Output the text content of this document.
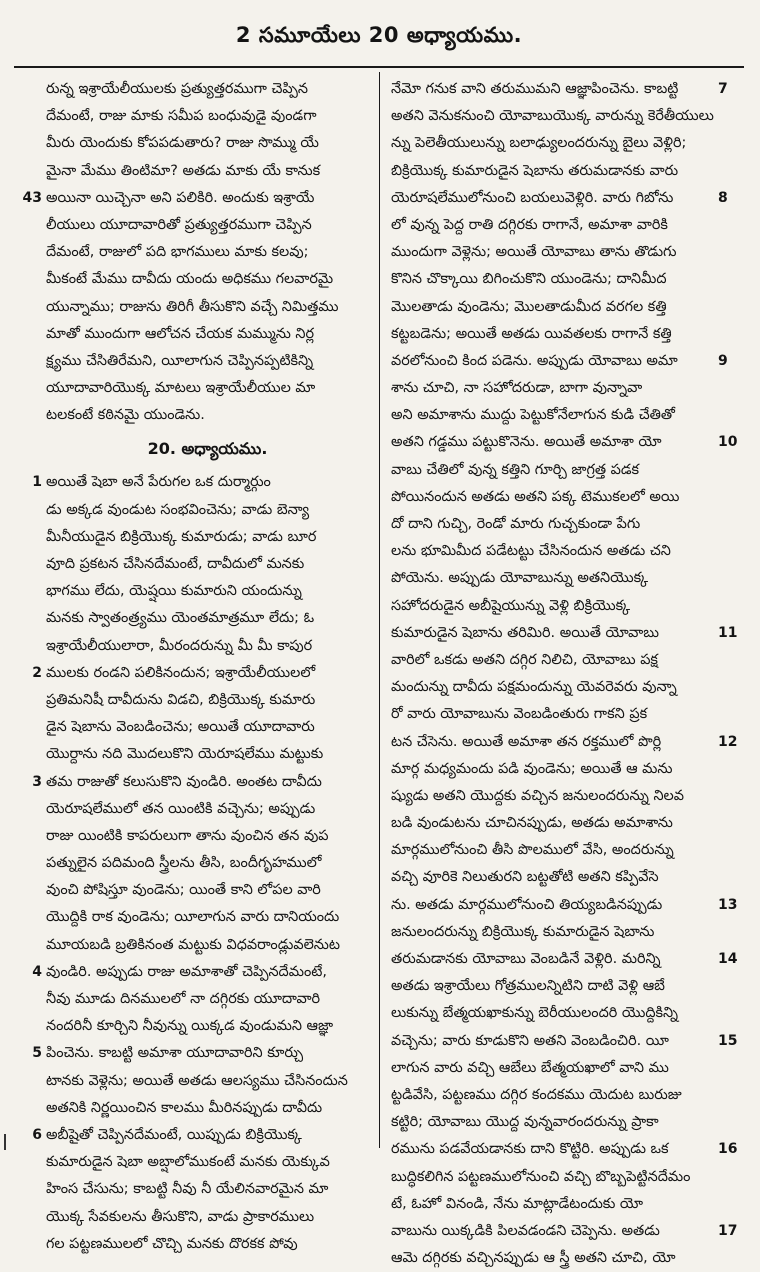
2 సమూయేలు 20 అధ్యాయము.
రున్న ఇశ్రాయేలీయులకు ప్రత్యుత్తరముగా చెప్పిన
దేమంటే, రాజు మాకు సమీప బంధువుడై వుండగా
మీరు యెందుకు కోపపడుతారు? రాజు సొమ్ము యే
మైనా మేము తింటిమా? అతడు మాకు యే కానుక
43 అయినా యిచ్చెనా అని పలికిరి. అందుకు ఇశ్రాయే
లీయులు యూదావారితో ప్రత్యుత్తరముగా చెప్పిన
దేమంటే, రాజులో పది భాగములు మాకు కలవు;
మీకంటే మేము దావీదు యందు అధికము గలవారమై
యున్నాము; రాజును తిరిగీ తీసుకొని వచ్చే నిమిత్తము
మాతో ముందుగా ఆలోచన చేయక మమ్మును నిర్ల
క్ష్యము చేసితిరేమని, యీలాగున చెప్పినప్పటికిన్ని
యూదావారియొక్క మాటలు ఇశ్రాయేలీయుల మా
టలకంటే కఠినమై యుండెను.
20. అధ్యాయము.
1 అయితే షెబా అనే పేరుగల ఒక దుర్మార్గుం
డు అక్కడ వుండుట సంభవించెను; వాడు బెన్యా
మీనీయుడైన బిక్రియొక్క కుమారుడు; వాడు బూర
వూది ప్రకటన చేసినదేమంటే, దావీదులో మనకు
భాగము లేదు, యెష్షయి కుమారుని యందున్ను
మనకు స్వాతంత్ర్యము యెంతమాత్రమూ లేదు; ఓ
ఇశ్రాయేలీయులారా, మీరందరున్ను మీ మీ కాపుర
2 ములకు రండని పలికినందున; ఇశ్రాయేలీయులలో
ప్రతిమనిషీ దావీదును విడచి, బిక్రియొక్క కుమారు
డైన షెబాను వెంబడించెను; అయితే యూదావారు
యొర్దాను నది మొదలుకొని యెరూషలేము మట్టుకు
3 తమ రాజుతో కలుసుకొని వుండిరి. అంతట దావీదు
యెరూషలేములో తన యింటికి వచ్చెను; అప్పుడు
రాజు యింటికి కాపరులుగా తాను వుంచిన తన వుప
పత్నులైన పదిమంది స్త్రీలను తీసి, బందీగృహములో
వుంచి పోషిస్తూ వుండెను; యింతే కాని లోపల వారి
యొద్దికి రాక వుండెను; యీలాగున వారు దానియందు
మూయబడి బ్రతికినంత మట్టుకు విధవరాండ్లువలెనుట
4 వుండిరి. అప్పుడు రాజు అమాశాతో చెప్పినదేమంటే,
నీవు మూడు దినములలో నా దగ్గిరకు యూదావారి
నందరినీ కూర్చిని నీవున్ను యిక్కడ వుండుమని ఆజ్ఞా
5 పించెను. కాబట్టి అమాశా యూదావారిని కూర్చు
టానకు వెళ్లెను; అయితే అతడు ఆలస్యము చేసినందున
అతనికి నిర్ణయించిన కాలము మీరినప్పుడు దావీదు
6 అబీషైతో చెప్పినదేమంటే, యిప్పుడు బిక్రియొక్క
కుమారుడైన షెబా అబ్షాలోముకంటే మనకు యెక్కువ
హింస చేసును; కాబట్టి నీవు నీ యేలినవారమైన మా
యొక్క సేవకులను తీసుకొని, వాడు ప్రాకారములు
గల పట్టణములలో చొచ్చి మనకు దొరకక పోవు
7
నేమో గనుక వాని తరుముమని ఆజ్ఞాపించెను. కాబట్టి
అతని వెనుకనుంచి యోవాబుయొక్క వారున్ను కెరేతీయులు
న్ను పెలెతీయులున్ను బలాఢ్యులందరున్ను బైలు వెళ్లిరి;
బిక్రియొక్క కుమారుడైన షెబాను తరుమడానకు వారు
8
యెరూషలేములోనుంచి బయలువెళ్లిరి. వారు గిబోను
లో వున్న పెద్ద రాతి దగ్గిరకు రాగానే, అమాశా వారికి
ముందుగా వెళ్లెను; అయితే యోవాబు తాను తొడుగు
కొనిన చొక్కాయి బిగించుకొని యుండెను; దానిమీద
మొలతాడు వుండెను; మొలతాడుమీద వరగల కత్తి
కట్టబడెను; అయితే అతడు యివతలకు రాగానే కత్తి
9
వరలోనుంచి కింద పడెను. అప్పుడు యోవాబు అమా
శాను చూచి, నా సహోదరుడా, బాగా వున్నావా
అని అమాశాను ముద్దు పెట్టుకోనేలాగున కుడి చేతితో
10
అతని గడ్డము పట్టుకొనెను. అయితే అమాశా యో
వాబు చేతిలో వున్న కత్తిని గూర్చి జాగ్రత్త పడక
పోయినందున అతడు అతని పక్క టెముకలలో అయి
దో దాని గుచ్చి, రెండో మారు గుచ్చకుండా పేగు
లను భూమిమీద పడేటట్టు చేసినందున అతడు చని
పోయెను. అప్పుడు యోవాబున్ను అతనియొక్క
సహోదరుడైన అబీషైయున్ను వెళ్లి బిక్రియొక్క
11
కుమారుడైన షెబాను తరిమిరి. అయితే యోవాబు
వారిలో ఒకడు అతని దగ్గిర నిలిచి, యోవాబు పక్ష
మందున్ను దావీదు పక్షమందున్ను యెవరెవరు వున్నా
రో వారు యోవాబును వెంబడింతురు గాకని ప్రక
12
టన చేసెను. అయితే అమాశా తన రక్తములో పొర్లి
మార్గ మధ్యమందు పడి వుండెను; అయితే ఆ మను
ష్యుడు అతని యొద్దకు వచ్చిన జనులందరున్ను నిలవ
బడి వుండుటను చూచినప్పుడు, అతడు అమాశాను
మార్గములోనుంచి తీసి పొలములో వేసి, అందరున్ను
వచ్చి వూరికె నిలుతురని బట్టతోటి అతని కప్పివేసె
13
ను. అతడు మార్గములోనుంచి తియ్యబడినప్పుడు
జనులందరున్ను బిక్రియొక్క కుమారుడైన షెబాను
14
తరుమడానకు యోవాబు వెంబడినే వెళ్లిరి. మరిన్ని
అతడు ఇశ్రాయేలు గోత్రములన్నిటిని దాటి వెళ్లి ఆబే
లుకున్ను బేత్మయఖాకున్ను బెరీయులందరి యొద్దికిన్ని
15
వచ్చెను; వారు కూడుకొని అతని వెంబడించిరి. యీ
లాగున వారు వచ్చి ఆబేలు బేత్మయఖాలో వాని ము
ట్టడివేసి, పట్టణము దగ్గిర కందకము యెదుట బురుజు
కట్టిరి; యోవాబు యొద్ద వున్నవారందరున్ను ప్రాకా
16
రమును పడవేయడానకు దాని కొట్టిరి. అప్పుడు ఒక
బుద్ధికలిగిన పట్టణములోనుంచి వచ్చి బొబ్బపెట్టినదేమం
టే, ఓహో వినండి, నేను మాట్లాడేటందుకు యో
17
వాబును యిక్కడికి పిలవడండని చెప్పెను. అతడు
ఆమె దగ్గిరకు వచ్చినప్పుడు ఆ స్త్రీ అతని చూచి, యో
